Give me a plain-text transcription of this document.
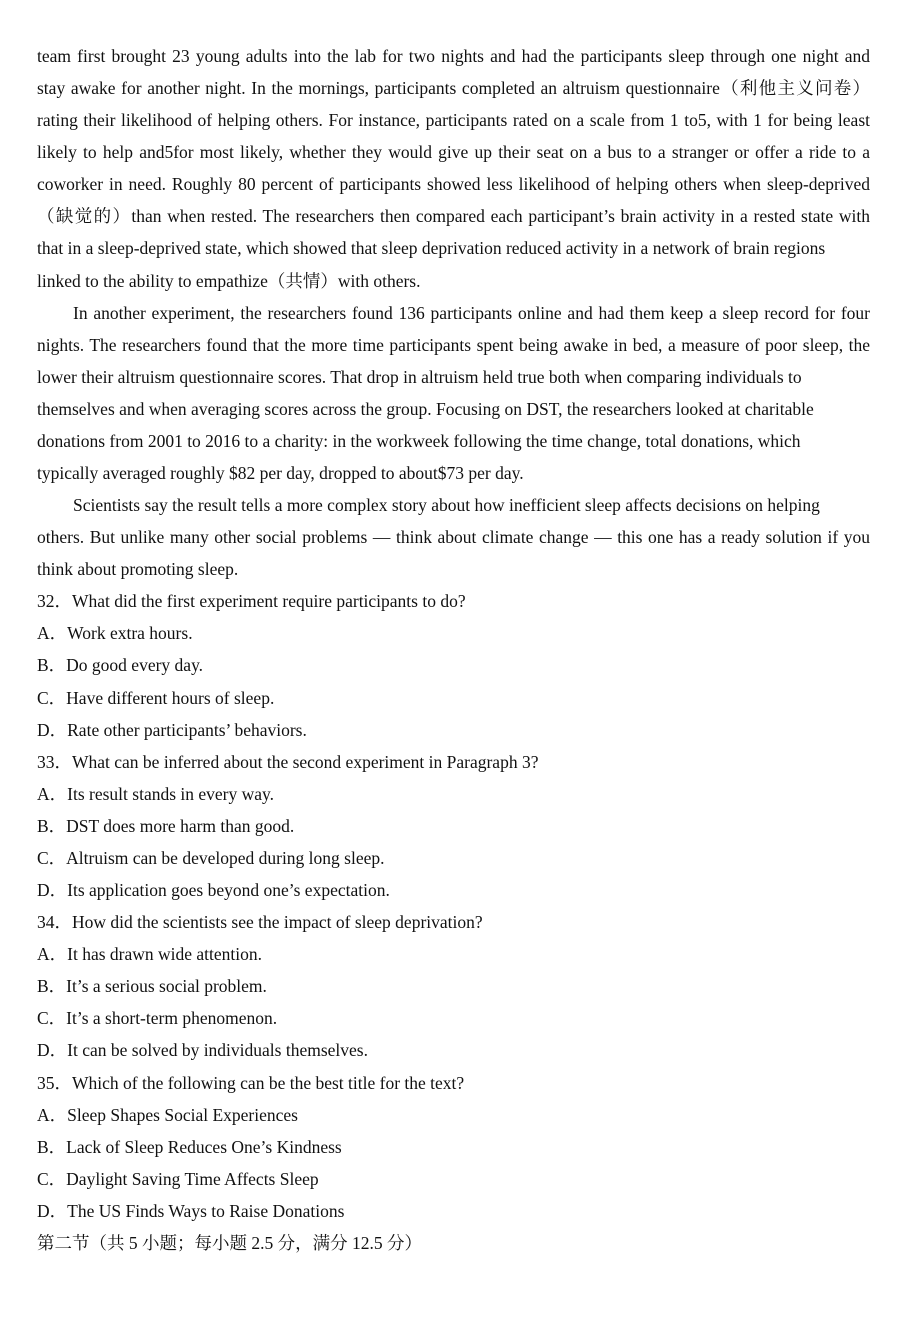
team first brought 23 young adults into the lab for two nights and had the participants sleep through one night and
stay awake for another night. In the mornings, participants completed an altruism questionnaire（利他主义问卷）
rating their likelihood of helping others. For instance, participants rated on a scale from 1 to5, with 1 for being least
likely to help and5for most likely, whether they would give up their seat on a bus to a stranger or offer a ride to a
coworker in need. Roughly 80 percent of participants showed less likelihood of helping others when sleep-deprived
（缺觉的）than when rested. The researchers then compared each participant’s brain activity in a rested state with
that in a sleep-deprived state, which showed that sleep deprivation reduced activity in a network of brain regions
linked to the ability to empathize（共情）with others.
In another experiment, the researchers found 136 participants online and had them keep a sleep record for four
nights. The researchers found that the more time participants spent being awake in bed, a measure of poor sleep, the
lower their altruism questionnaire scores. That drop in altruism held true both when comparing individuals to
themselves and when averaging scores across the group. Focusing on DST, the researchers looked at charitable
donations from 2001 to 2016 to a charity: in the workweek following the time change, total donations, which
typically averaged roughly $82 per day, dropped to about$73 per day.
Scientists say the result tells a more complex story about how inefficient sleep affects decisions on helping
others. But unlike many other social problems — think about climate change — this one has a ready solution if you
think about promoting sleep.
32．What did the first experiment require participants to do?
A．Work extra hours.
B．Do good every day.
C．Have different hours of sleep.
D．Rate other participants’ behaviors.
33．What can be inferred about the second experiment in Paragraph 3?
A．Its result stands in every way.
B．DST does more harm than good.
C．Altruism can be developed during long sleep.
D．Its application goes beyond one’s expectation.
34．How did the scientists see the impact of sleep deprivation?
A．It has drawn wide attention.
B．It’s a serious social problem.
C．It’s a short-term phenomenon.
D．It can be solved by individuals themselves.
35．Which of the following can be the best title for the text?
A．Sleep Shapes Social Experiences
B．Lack of Sleep Reduces One’s Kindness
C．Daylight Saving Time Affects Sleep
D．The US Finds Ways to Raise Donations
第二节（共 5 小题；每小题 2.5 分，满分 12.5 分）
